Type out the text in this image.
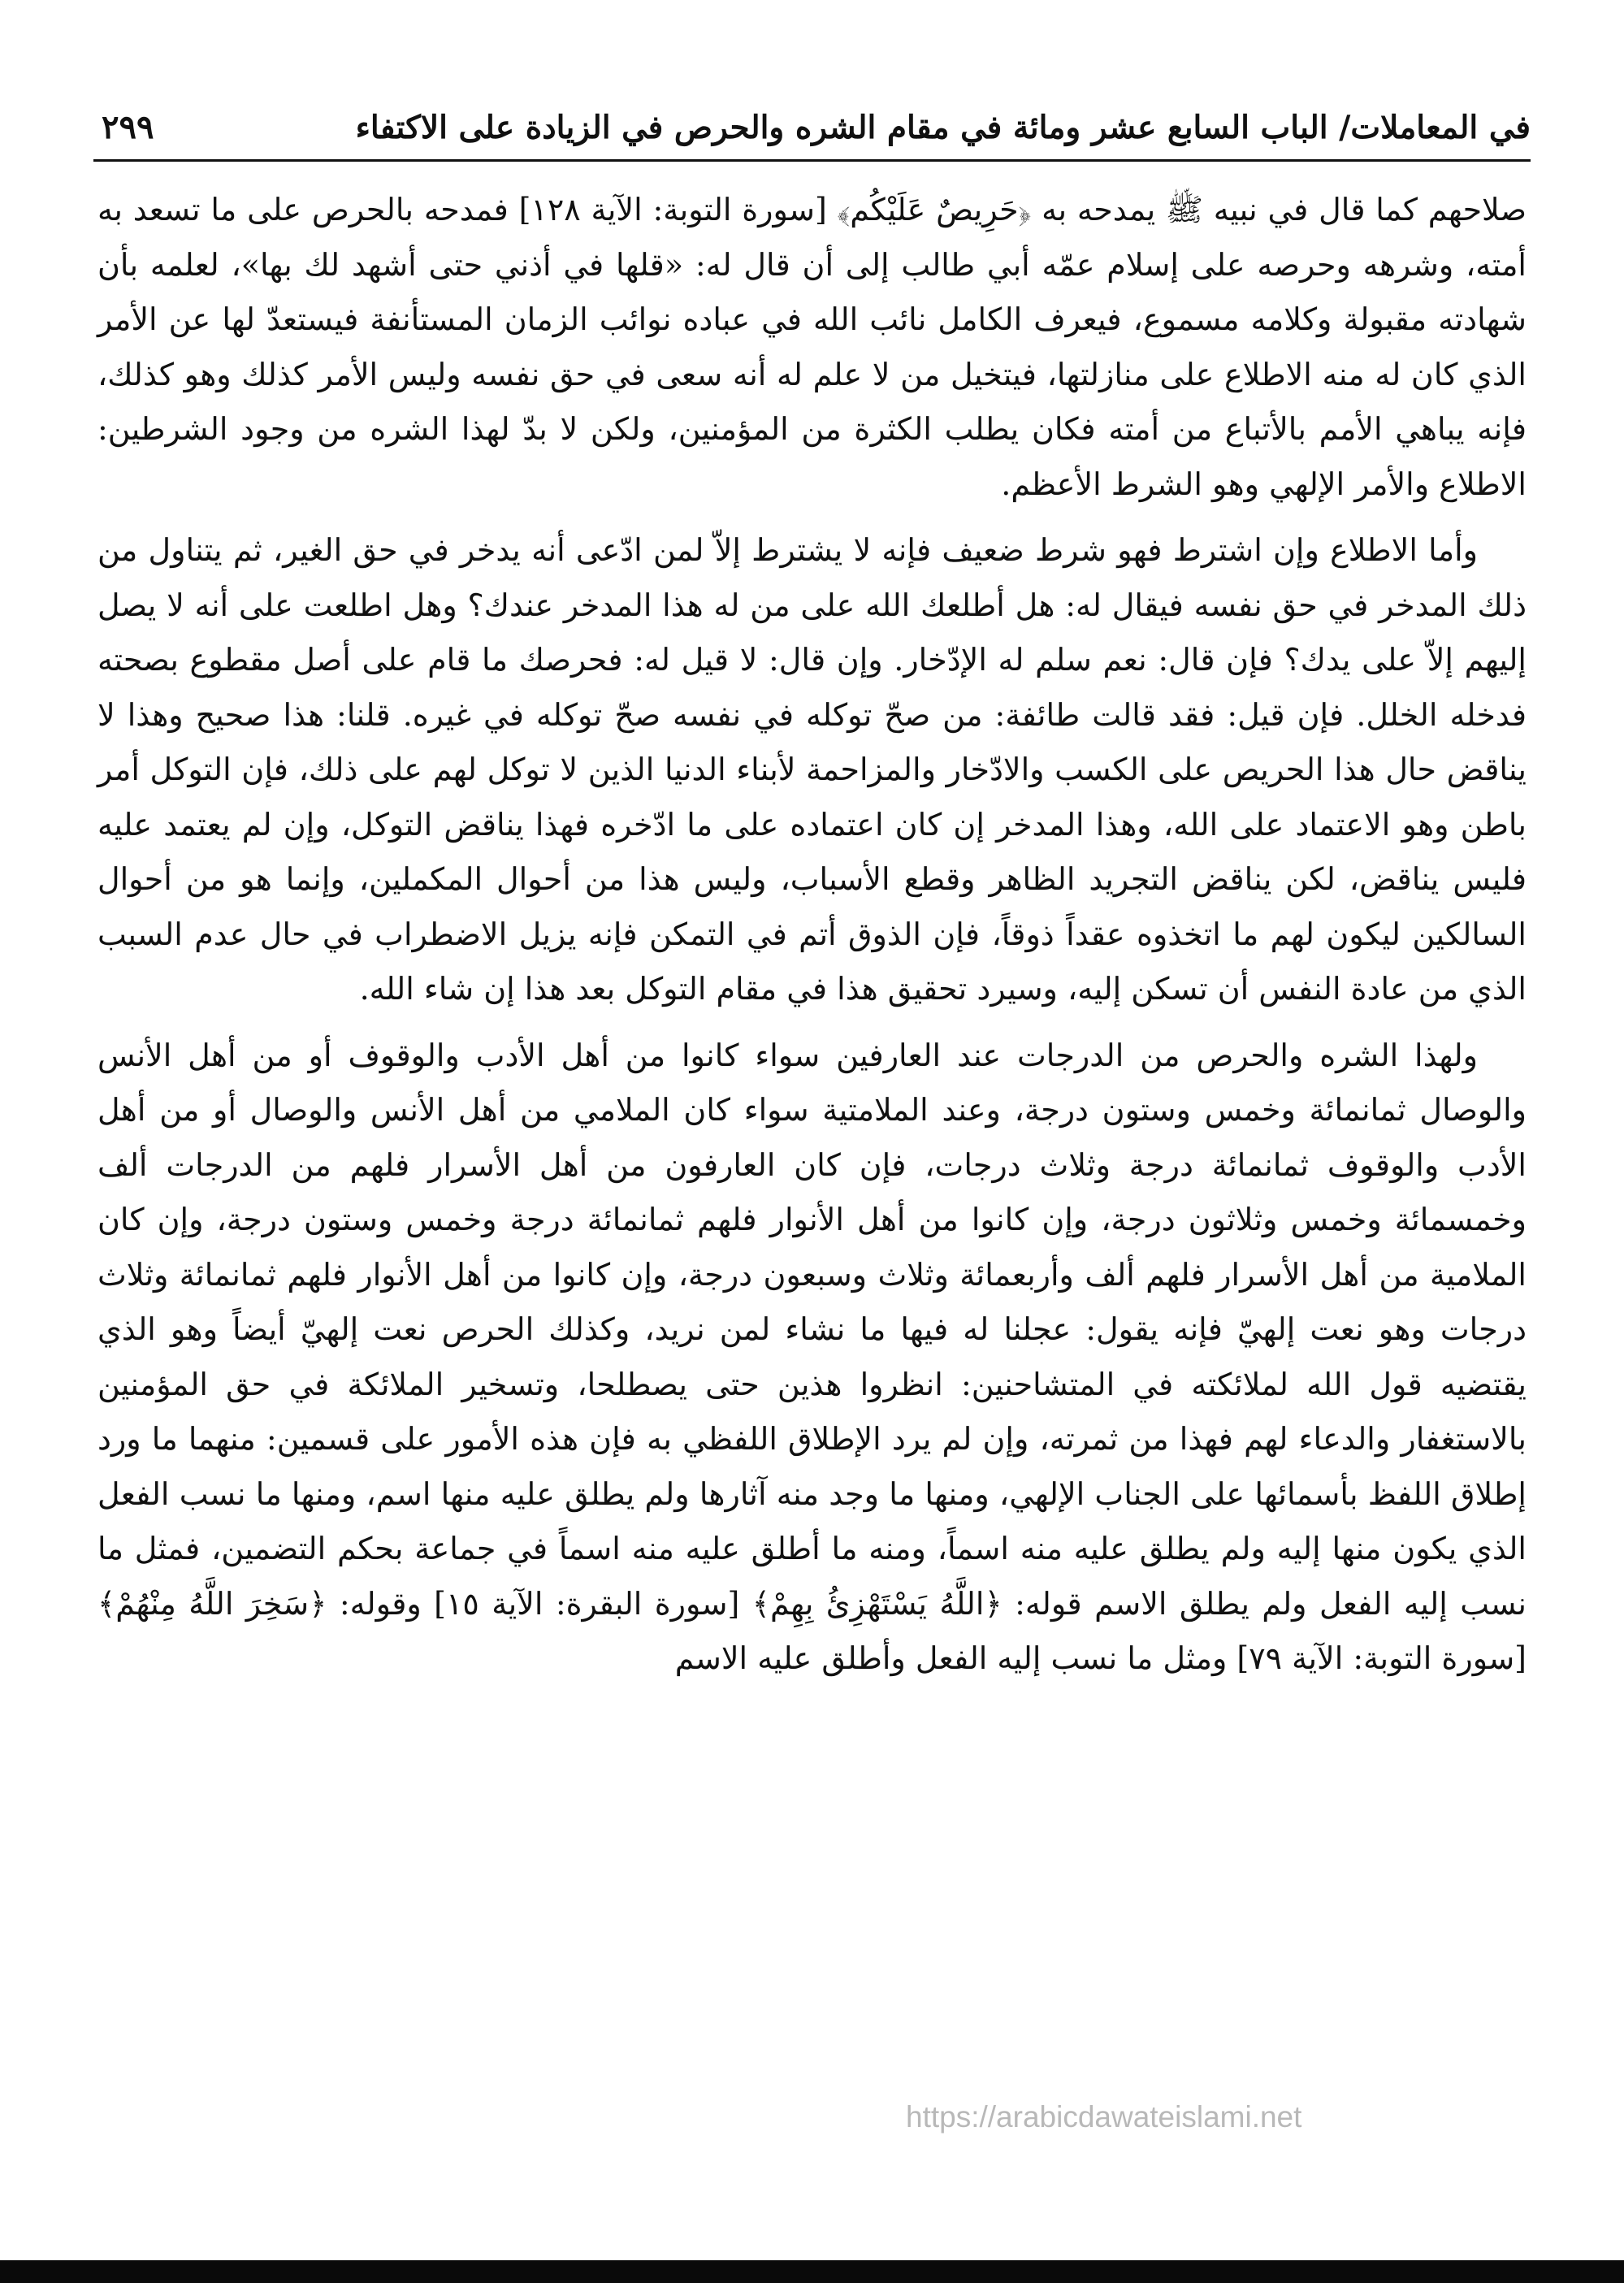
في المعاملات/ الباب السابع عشر ومائة في مقام الشره والحرص في الزيادة على الاكتفاء
٢٩٩

صلاحهم كما قال في نبيه ﷺ يمدحه به ﴿حَرِيصٌ عَلَيْكُم﴾ [سورة التوبة: الآية ١٢٨] فمدحه بالحرص على ما تسعد به أمته، وشرهه وحرصه على إسلام عمّه أبي طالب إلى أن قال له: «قلها في أذني حتى أشهد لك بها»، لعلمه بأن شهادته مقبولة وكلامه مسموع، فيعرف الكامل نائب الله في عباده نوائب الزمان المستأنفة فيستعدّ لها عن الأمر الذي كان له منه الاطلاع على منازلتها، فيتخيل من لا علم له أنه سعى في حق نفسه وليس الأمر كذلك وهو كذلك، فإنه يباهي الأمم بالأتباع من أمته فكان يطلب الكثرة من المؤمنين، ولكن لا بدّ لهذا الشره من وجود الشرطين: الاطلاع والأمر الإلهي وهو الشرط الأعظم.

وأما الاطلاع وإن اشترط فهو شرط ضعيف فإنه لا يشترط إلاّ لمن ادّعى أنه يدخر في حق الغير، ثم يتناول من ذلك المدخر في حق نفسه فيقال له: هل أطلعك الله على من له هذا المدخر عندك؟ وهل اطلعت على أنه لا يصل إليهم إلاّ على يدك؟ فإن قال: نعم سلم له الإدّخار. وإن قال: لا قيل له: فحرصك ما قام على أصل مقطوع بصحته فدخله الخلل. فإن قيل: فقد قالت طائفة: من صحّ توكله في نفسه صحّ توكله في غيره. قلنا: هذا صحيح وهذا لا يناقض حال هذا الحريص على الكسب والادّخار والمزاحمة لأبناء الدنيا الذين لا توكل لهم على ذلك، فإن التوكل أمر باطن وهو الاعتماد على الله، وهذا المدخر إن كان اعتماده على ما ادّخره فهذا يناقض التوكل، وإن لم يعتمد عليه فليس يناقض، لكن يناقض التجريد الظاهر وقطع الأسباب، وليس هذا من أحوال المكملين، وإنما هو من أحوال السالكين ليكون لهم ما اتخذوه عقداً ذوقاً، فإن الذوق أتم في التمكن فإنه يزيل الاضطراب في حال عدم السبب الذي من عادة النفس أن تسكن إليه، وسيرد تحقيق هذا في مقام التوكل بعد هذا إن شاء الله.

ولهذا الشره والحرص من الدرجات عند العارفين سواء كانوا من أهل الأدب والوقوف أو من أهل الأنس والوصال ثمانمائة وخمس وستون درجة، وعند الملامتية سواء كان الملامي من أهل الأنس والوصال أو من أهل الأدب والوقوف ثمانمائة درجة وثلاث درجات، فإن كان العارفون من أهل الأسرار فلهم من الدرجات ألف وخمسمائة وخمس وثلاثون درجة، وإن كانوا من أهل الأنوار فلهم ثمانمائة درجة وخمس وستون درجة، وإن كان الملامية من أهل الأسرار فلهم ألف وأربعمائة وثلاث وسبعون درجة، وإن كانوا من أهل الأنوار فلهم ثمانمائة وثلاث درجات وهو نعت إلهيّ فإنه يقول: عجلنا له فيها ما نشاء لمن نريد، وكذلك الحرص نعت إلهيّ أيضاً وهو الذي يقتضيه قول الله لملائكته في المتشاحنين: انظروا هذين حتى يصطلحا، وتسخير الملائكة في حق المؤمنين بالاستغفار والدعاء لهم فهذا من ثمرته، وإن لم يرد الإطلاق اللفظي به فإن هذه الأمور على قسمين: منهما ما ورد إطلاق اللفظ بأسمائها على الجناب الإلهي، ومنها ما وجد منه آثارها ولم يطلق عليه منها اسم، ومنها ما نسب الفعل الذي يكون منها إليه ولم يطلق عليه منه اسماً، ومنه ما أطلق عليه منه اسماً في جماعة بحكم التضمين، فمثل ما نسب إليه الفعل ولم يطلق الاسم قوله: ﴿اللَّهُ يَسْتَهْزِئُ بِهِمْ﴾ [سورة البقرة: الآية ١٥] وقوله: ﴿سَخِرَ اللَّهُ مِنْهُمْ﴾ [سورة التوبة: الآية ٧٩] ومثل ما نسب إليه الفعل وأطلق عليه الاسم

https://arabicdawateislami.net
